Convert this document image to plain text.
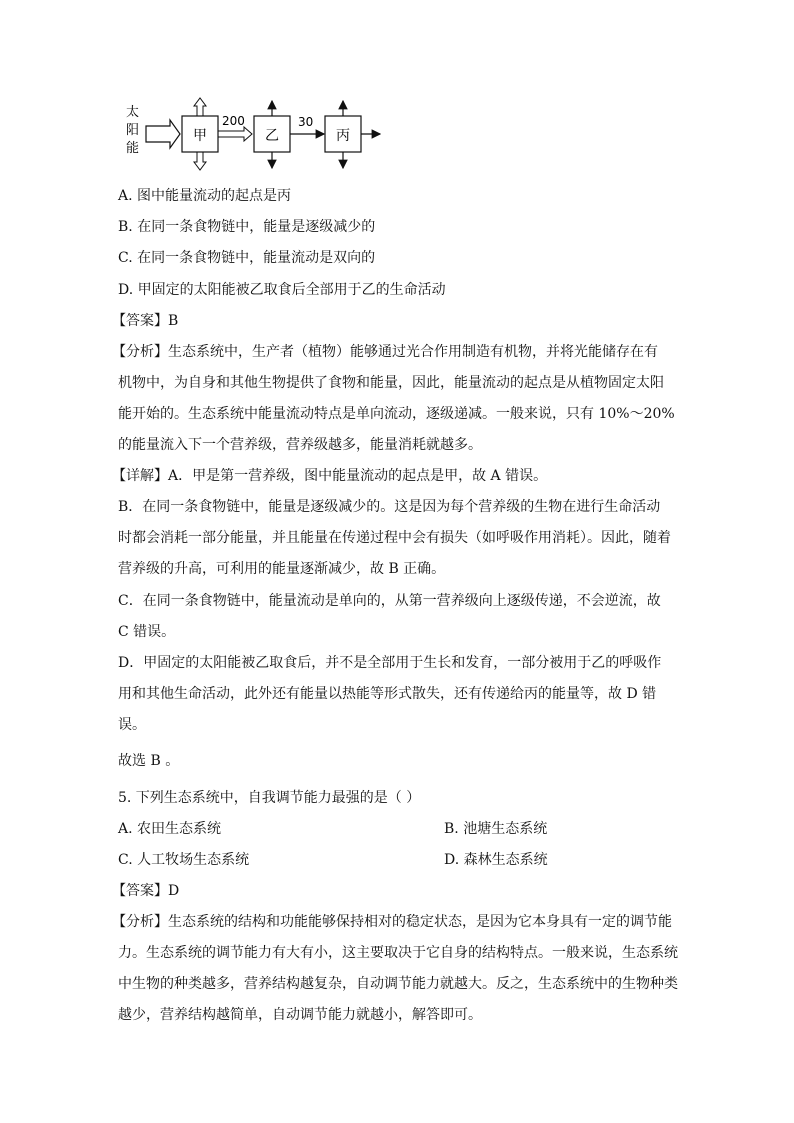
太
阳
能
甲
200
乙
30
丙
A. 图中能量流动的起点是丙
B. 在同一条食物链中，能量是逐级减少的
C. 在同一条食物链中，能量流动是双向的
D. 甲固定的太阳能被乙取食后全部用于乙的生命活动
【答案】B
【分析】生态系统中，生产者（植物）能够通过光合作用制造有机物，并将光能储存在有
机物中，为自身和其他生物提供了食物和能量，因此，能量流动的起点是从植物固定太阳
能开始的。生态系统中能量流动特点是单向流动，逐级递减。一般来说，只有 10%～20%
的能量流入下一个营养级，营养级越多，能量消耗就越多。
【详解】A．甲是第一营养级，图中能量流动的起点是甲，故 A 错误。
B．在同一条食物链中，能量是逐级减少的。这是因为每个营养级的生物在进行生命活动
时都会消耗一部分能量，并且能量在传递过程中会有损失（如呼吸作用消耗）。因此，随着
营养级的升高，可利用的能量逐渐减少，故 B 正确。
C．在同一条食物链中，能量流动是单向的，从第一营养级向上逐级传递，不会逆流，故
C 错误。
D．甲固定的太阳能被乙取食后，并不是全部用于生长和发育，一部分被用于乙的呼吸作
用和其他生命活动，此外还有能量以热能等形式散失，还有传递给丙的能量等，故 D 错
误。
故选 B 。
5. 下列生态系统中，自我调节能力最强的是（ ）
A. 农田生态系统	B. 池塘生态系统
C. 人工牧场生态系统	D. 森林生态系统
【答案】D
【分析】生态系统的结构和功能能够保持相对的稳定状态，是因为它本身具有一定的调节能
力。生态系统的调节能力有大有小，这主要取决于它自身的结构特点。一般来说，生态系统
中生物的种类越多，营养结构越复杂，自动调节能力就越大。反之，生态系统中的生物种类
越少，营养结构越简单，自动调节能力就越小，解答即可。
